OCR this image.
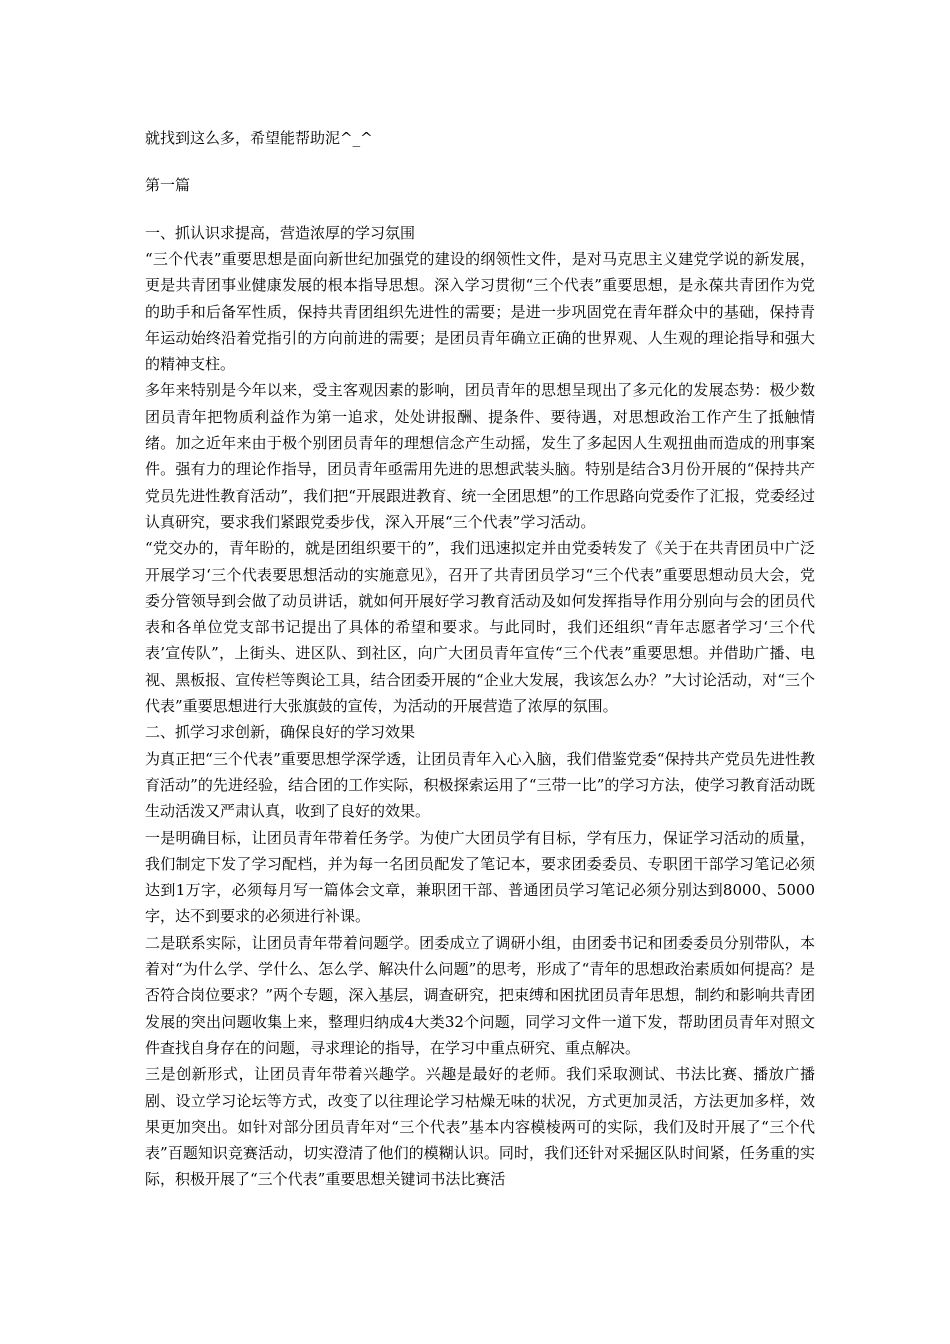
就找到这么多，希望能帮助泥^_^

第一篇

一、抓认识求提高，营造浓厚的学习氛围

“三个代表”重要思想是面向新世纪加强党的建设的纲领性文件，是对马克思主义建党学说的新发展，更是共青团事业健康发展的根本指导思想。深入学习贯彻“三个代表”重要思想，是永葆共青团作为党的助手和后备军性质，保持共青团组织先进性的需要；是进一步巩固党在青年群众中的基础，保持青年运动始终沿着党指引的方向前进的需要；是团员青年确立正确的世界观、人生观的理论指导和强大的精神支柱。

多年来特别是今年以来，受主客观因素的影响，团员青年的思想呈现出了多元化的发展态势：极少数团员青年把物质利益作为第一追求，处处讲报酬、提条件、要待遇，对思想政治工作产生了抵触情绪。加之近年来由于极个别团员青年的理想信念产生动摇，发生了多起因人生观扭曲而造成的刑事案件。强有力的理论作指导，团员青年亟需用先进的思想武装头脑。特别是结合3月份开展的“保持共产党员先进性教育活动”，我们把“开展跟进教育、统一全团思想”的工作思路向党委作了汇报，党委经过认真研究，要求我们紧跟党委步伐，深入开展“三个代表”学习活动。

“党交办的，青年盼的，就是团组织要干的”，我们迅速拟定并由党委转发了《关于在共青团员中广泛开展学习‘三个代表要思想活动的实施意见》，召开了共青团员学习“三个代表”重要思想动员大会，党委分管领导到会做了动员讲话，就如何开展好学习教育活动及如何发挥指导作用分别向与会的团员代表和各单位党支部书记提出了具体的希望和要求。与此同时，我们还组织“青年志愿者学习‘三个代表’宣传队”，上街头、进区队、到社区，向广大团员青年宣传“三个代表”重要思想。并借助广播、电视、黑板报、宣传栏等舆论工具，结合团委开展的“企业大发展，我该怎么办？”大讨论活动，对“三个代表”重要思想进行大张旗鼓的宣传，为活动的开展营造了浓厚的氛围。

二、抓学习求创新，确保良好的学习效果

为真正把“三个代表”重要思想学深学透，让团员青年入心入脑，我们借鉴党委“保持共产党员先进性教育活动”的先进经验，结合团的工作实际，积极探索运用了“三带一比”的学习方法，使学习教育活动既生动活泼又严肃认真，收到了良好的效果。

一是明确目标，让团员青年带着任务学。为使广大团员学有目标，学有压力，保证学习活动的质量，我们制定下发了学习配档，并为每一名团员配发了笔记本，要求团委委员、专职团干部学习笔记必须达到1万字，必须每月写一篇体会文章，兼职团干部、普通团员学习笔记必须分别达到8000、5000字，达不到要求的必须进行补课。

二是联系实际，让团员青年带着问题学。团委成立了调研小组，由团委书记和团委委员分别带队，本着对“为什么学、学什么、怎么学、解决什么问题”的思考，形成了“青年的思想政治素质如何提高？是否符合岗位要求？”两个专题，深入基层，调查研究，把束缚和困扰团员青年思想，制约和影响共青团发展的突出问题收集上来，整理归纳成4大类32个问题，同学习文件一道下发，帮助团员青年对照文件查找自身存在的问题，寻求理论的指导，在学习中重点研究、重点解决。

三是创新形式，让团员青年带着兴趣学。兴趣是最好的老师。我们采取测试、书法比赛、播放广播剧、设立学习论坛等方式，改变了以往理论学习枯燥无味的状况，方式更加灵活，方法更加多样，效果更加突出。如针对部分团员青年对“三个代表”基本内容模棱两可的实际，我们及时开展了“三个代表”百题知识竞赛活动，切实澄清了他们的模糊认识。同时，我们还针对采掘区队时间紧，任务重的实际，积极开展了“三个代表”重要思想关键词书法比赛活
